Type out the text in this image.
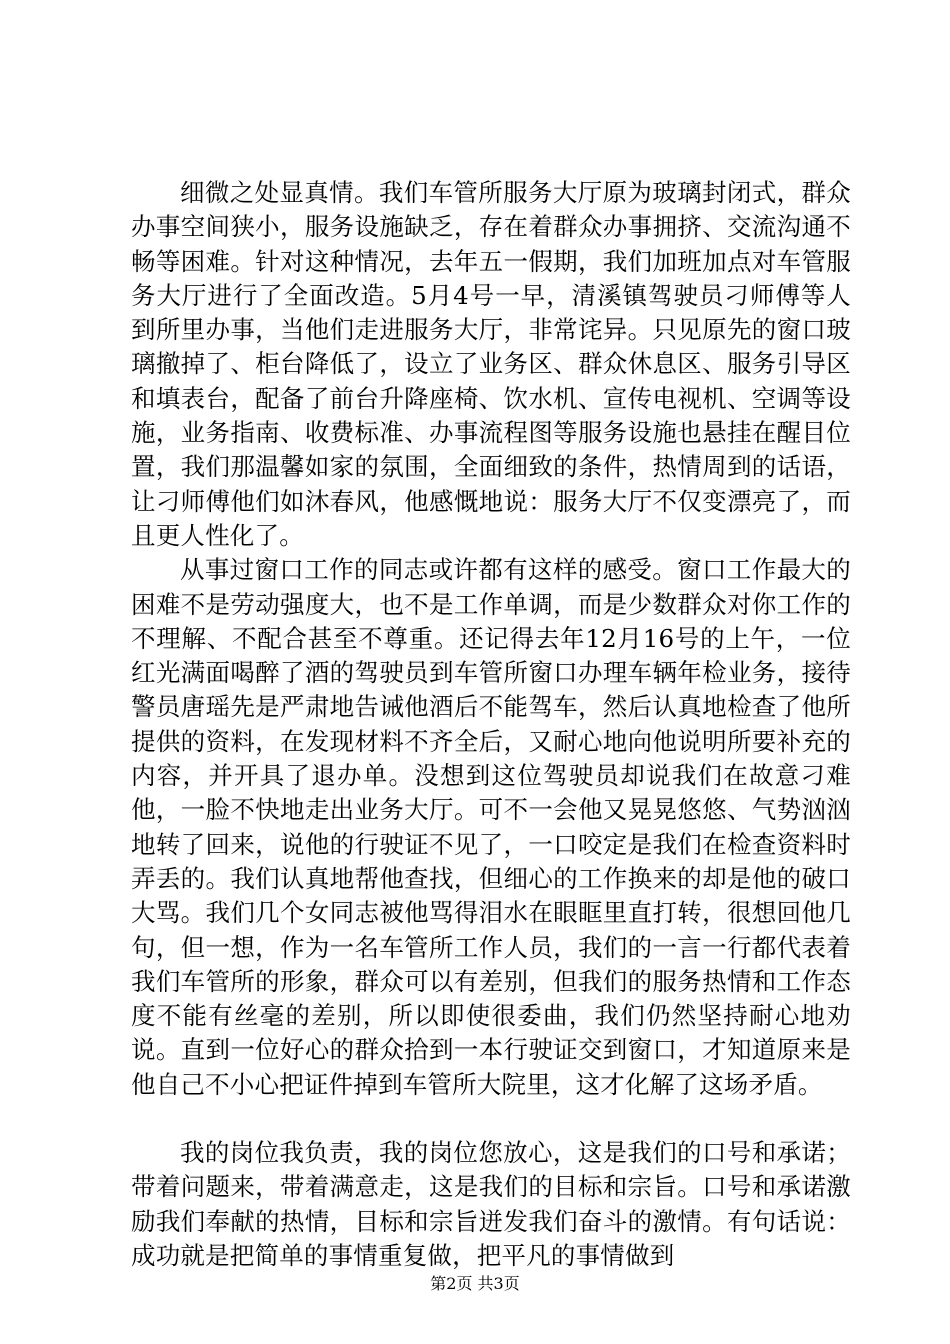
细微之处显真情。我们车管所服务大厅原为玻璃封闭式，群众办事空间狭小，服务设施缺乏，存在着群众办事拥挤、交流沟通不畅等困难。针对这种情况，去年五一假期，我们加班加点对车管服务大厅进行了全面改造。5月4号一早，清溪镇驾驶员刁师傅等人到所里办事，当他们走进服务大厅，非常诧异。只见原先的窗口玻璃撤掉了、柜台降低了，设立了业务区、群众休息区、服务引导区和填表台，配备了前台升降座椅、饮水机、宣传电视机、空调等设施，业务指南、收费标准、办事流程图等服务设施也悬挂在醒目位置，我们那温馨如家的氛围，全面细致的条件，热情周到的话语，让刁师傅他们如沐春风，他感慨地说：服务大厅不仅变漂亮了，而且更人性化了。

从事过窗口工作的同志或许都有这样的感受。窗口工作最大的困难不是劳动强度大，也不是工作单调，而是少数群众对你工作的不理解、不配合甚至不尊重。还记得去年12月16号的上午，一位红光满面喝醉了酒的驾驶员到车管所窗口办理车辆年检业务，接待警员唐瑶先是严肃地告诫他酒后不能驾车，然后认真地检查了他所提供的资料，在发现材料不齐全后，又耐心地向他说明所要补充的内容，并开具了退办单。没想到这位驾驶员却说我们在故意刁难他，一脸不快地走出业务大厅。可不一会他又晃晃悠悠、气势汹汹地转了回来，说他的行驶证不见了，一口咬定是我们在检查资料时弄丢的。我们认真地帮他查找，但细心的工作换来的却是他的破口大骂。我们几个女同志被他骂得泪水在眼眶里直打转，很想回他几句，但一想，作为一名车管所工作人员，我们的一言一行都代表着我们车管所的形象，群众可以有差别，但我们的服务热情和工作态度不能有丝毫的差别，所以即使很委曲，我们仍然坚持耐心地劝说。直到一位好心的群众拾到一本行驶证交到窗口，才知道原来是他自己不小心把证件掉到车管所大院里，这才化解了这场矛盾。

我的岗位我负责，我的岗位您放心，这是我们的口号和承诺；带着问题来，带着满意走，这是我们的目标和宗旨。口号和承诺激励我们奉献的热情，目标和宗旨迸发我们奋斗的激情。有句话说：成功就是把简单的事情重复做，把平凡的事情做到

第2页 共3页
